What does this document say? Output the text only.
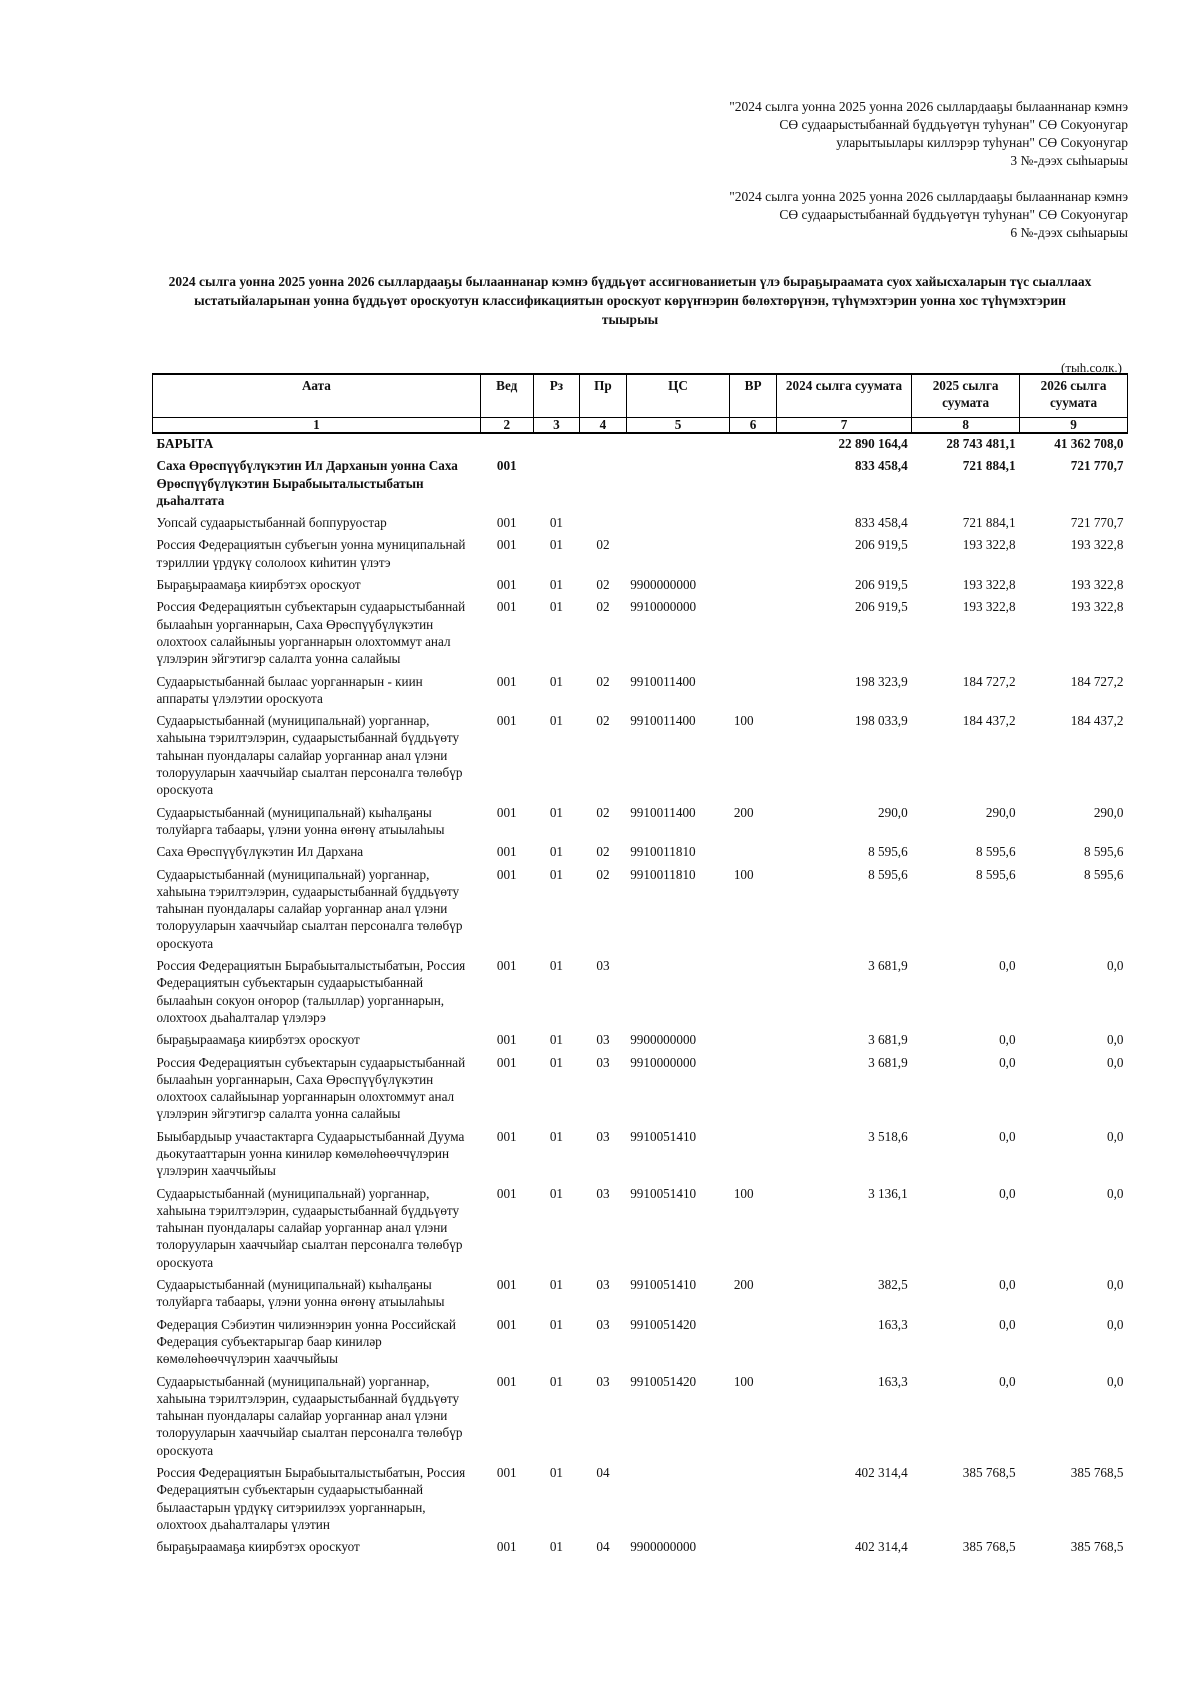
"2024 сылга уонна 2025 уонна 2026 сыллардааҕы былааннанар кэмнэ
СӨ судаарыстыбаннай бүддьүөтүн туһунан" СӨ Сокуонугар
уларытыылары киллэрэр туһунан" СӨ Сокуонугар
3 №-дээх сыһыарыы
"2024 сылга уонна 2025 уонна 2026 сыллардааҕы былааннанар кэмнэ
СӨ судаарыстыбаннай бүддьүөтүн туһунан" СӨ Сокуонугар
6 №-дээх сыһыарыы
2024 сылга уонна 2025 уонна 2026 сыллардааҕы былааннанар кэмнэ бүддьүөт ассигнованиетын үлэ быраҕыраамата суох хайысхаларын түс сыаллаах
ыстатыйаларынан уонна бүддьүөт ороскуотун классификациятын ороскуот көрүҥнэрин бөлөхтөрүнэн, түһүмэхтэрин уонна хос түһүмэхтэрин
тыырыы
(тыһ.солк.)
Аата	Вед	Рз	Пр	ЦС	ВР	2024 сылга суумата	2025 сылга суумата	2026 сылга суумата
1	2	3	4	5	6	7	8	9
БАРЫТА						22 890 164,4	28 743 481,1	41 362 708,0
Саха Өрөспүүбүлүкэтин Ил Дарханын уонна Саха Өрөспүүбүлүкэтин Бырабыыталыстыбатын дьаһалтата	001					833 458,4	721 884,1	721 770,7
Уопсай судаарыстыбаннай боппуруостар	001	01				833 458,4	721 884,1	721 770,7
Россия Федерациятын субъегын уонна муниципальнай тэриллии үрдүкү сололоох киһитин үлэтэ	001	01	02			206 919,5	193 322,8	193 322,8
Быраҕыраамаҕа киирбэтэх ороскуот	001	01	02	9900000000		206 919,5	193 322,8	193 322,8
Россия Федерациятын субъектарын судаарыстыбаннай былааһын уорганнарын, Саха Өрөспүүбүлүкэтин олохтоох салайыныы уорганнарын олохтоммут анал үлэлэрин эйгэтигэр салалта уонна салайыы	001	01	02	9910000000		206 919,5	193 322,8	193 322,8
Судаарыстыбаннай былаас уорганнарын - киин аппараты үлэлэтии ороскуота	001	01	02	9910011400		198 323,9	184 727,2	184 727,2
Судаарыстыбаннай (муниципальнай) уорганнар, хаһыына тэрилтэлэрин, судаарыстыбаннай бүддьүөту таһынан пуондалары салайар уорганнар анал үлэни толорууларын хааччыйар сыалтан персоналга төлөбүр ороскуота	001	01	02	9910011400	100	198 033,9	184 437,2	184 437,2
Судаарыстыбаннай (муниципальнай) кыһалҕаны толуйарга табаары, үлэни уонна өҥөнү атыылаһыы	001	01	02	9910011400	200	290,0	290,0	290,0
Саха Өрөспүүбүлүкэтин Ил Дархана	001	01	02	9910011810		8 595,6	8 595,6	8 595,6
Судаарыстыбаннай (муниципальнай) уорганнар, хаһыына тэрилтэлэрин, судаарыстыбаннай бүддьүөту таһынан пуондалары салайар уорганнар анал үлэни толорууларын хааччыйар сыалтан персоналга төлөбүр ороскуота	001	01	02	9910011810	100	8 595,6	8 595,6	8 595,6
Россия Федерациятын Бырабыыталыстыбатын, Россия Федерациятын субъектарын судаарыстыбаннай былааһын сокуон оҥорор (талыллар) уорганнарын, олохтоох дьаһалталар үлэлэрэ	001	01	03			3 681,9	0,0	0,0
быраҕыраамаҕа киирбэтэх ороскуот	001	01	03	9900000000		3 681,9	0,0	0,0
Россия Федерациятын субъектарын судаарыстыбаннай былааһын уорганнарын, Саха Өрөспүүбүлүкэтин олохтоох салайыынар уорганнарын олохтоммут анал үлэлэрин эйгэтигэр салалта уонна салайыы	001	01	03	9910000000		3 681,9	0,0	0,0
Быыбардыыр учаастактарга Судаарыстыбаннай Дуума дьокутааттарын уонна киниләр көмөлөһөөччүлэрин үлэлэрин хааччыйыы	001	01	03	9910051410		3 518,6	0,0	0,0
Судаарыстыбаннай (муниципальнай) уорганнар, хаһыына тэрилтэлэрин, судаарыстыбаннай бүддьүөту таһынан пуондалары салайар уорганнар анал үлэни толорууларын хааччыйар сыалтан персоналга төлөбүр ороскуота	001	01	03	9910051410	100	3 136,1	0,0	0,0
Судаарыстыбаннай (муниципальнай) кыһалҕаны толуйарга табаары, үлэни уонна өҥөнү атыылаһыы	001	01	03	9910051410	200	382,5	0,0	0,0
Федерация Сэбиэтин чилиэннэрин уонна Российскай Федерация субъектарыгар баар киниләр көмөлөһөөччүлэрин хааччыйыы	001	01	03	9910051420		163,3	0,0	0,0
Судаарыстыбаннай (муниципальнай) уорганнар, хаһыына тэрилтэлэрин, судаарыстыбаннай бүддьүөту таһынан пуондалары салайар уорганнар анал үлэни толорууларын хааччыйар сыалтан персоналга төлөбүр ороскуота	001	01	03	9910051420	100	163,3	0,0	0,0
Россия Федерациятын Бырабыыталыстыбатын, Россия Федерациятын субъектарын судаарыстыбаннай былаастарын үрдүкү ситэриилээх уорганнарын, олохтоох дьаһалталары үлэтин	001	01	04			402 314,4	385 768,5	385 768,5
быраҕыраамаҕа киирбэтэх ороскуот	001	01	04	9900000000		402 314,4	385 768,5	385 768,5
